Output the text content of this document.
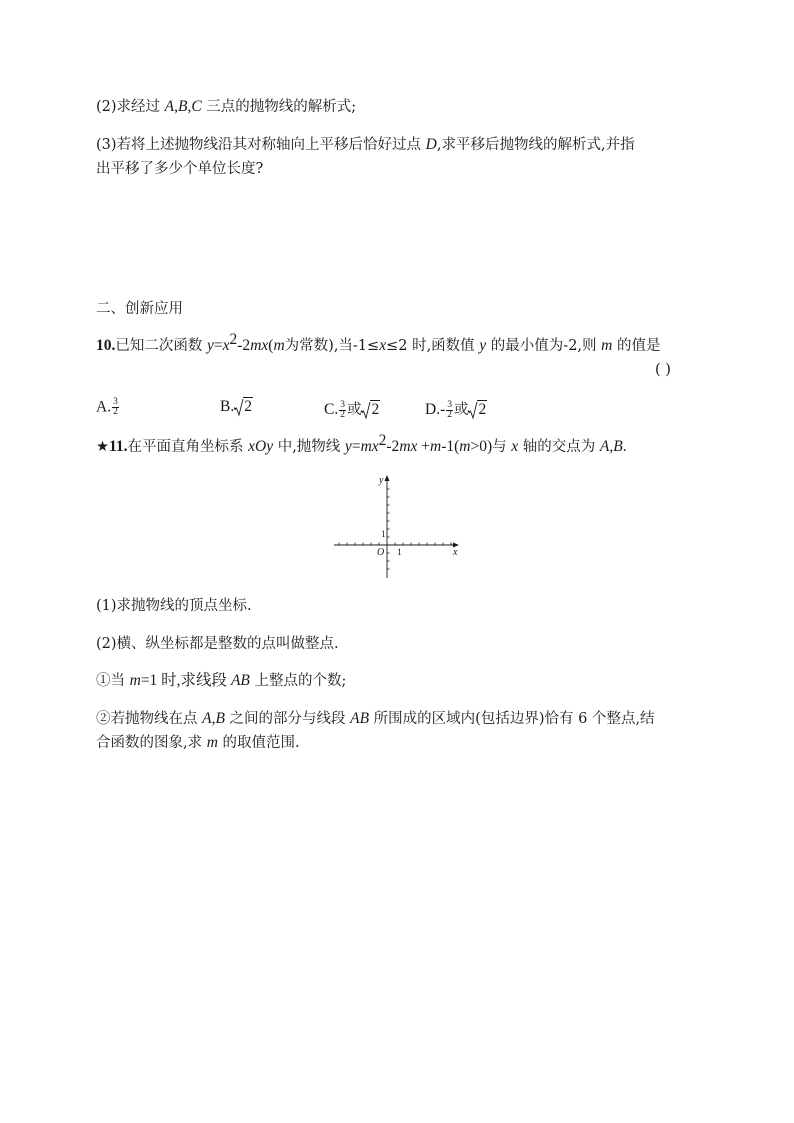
(2)求经过 A,B,C 三点的抛物线的解析式;
(3)若将上述抛物线沿其对称轴向上平移后恰好过点 D,求平移后抛物线的解析式,并指
出平移了多少个单位长度?
二、创新应用
10.已知二次函数 $y=x^2-2mx(m$为常数),当-1≤x≤2 时,函数值 y 的最小值为-2,则 m 的值是
( )
A. $\frac{3}{2}$	B. 2	C. $\frac{3}{2}$ 或 2	$D.- \frac{3}{2}$ 或 2
★11.在平面直角坐标系 xOy 中,抛物线 $y=mx^2-2mx +m-1(m>0)$与 x 轴的交点为 A,B.
y
x
O 1
1
(1)求抛物线的顶点坐标.
(2)横、纵坐标都是整数的点叫做整点.
①当 m=1 时,求线段 AB 上整点的个数;
②若抛物线在点 A,B 之间的部分与线段 AB 所围成的区域内(包括边界)恰有 6 个整点,结
合函数的图象,求 m 的取值范围.
